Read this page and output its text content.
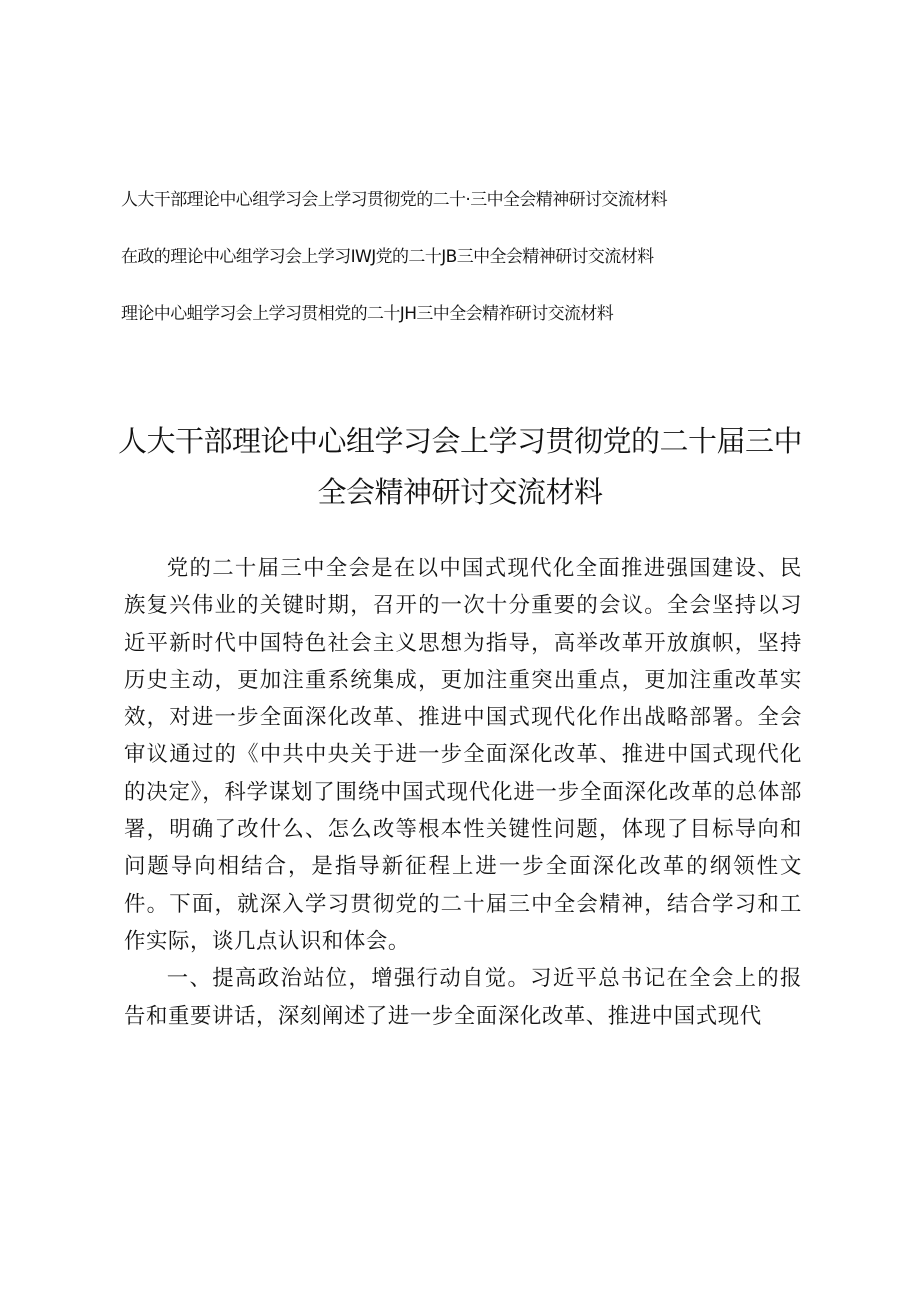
人大干部理论中心组学习会上学习贯彻党的二十·三中全会精神研讨交流材料
在政的理论中心组学习会上学习IWJ党的二十JB三中全会精神研讨交流材料
理论中心蛆学习会上学习贯相党的二十JH三中全会精祚研讨交流材料
人大干部理论中心组学习会上学习贯彻党的二十届三中
全会精神研讨交流材料

党的二十届三中全会是在以中国式现代化全面推进强国建设、民族复兴伟业的关键时期，召开的一次十分重要的会议。全会坚持以习近平新时代中国特色社会主义思想为指导，高举改革开放旗帜，坚持历史主动，更加注重系统集成，更加注重突出重点，更加注重改革实效，对进一步全面深化改革、推进中国式现代化作出战略部署。全会审议通过的《中共中央关于进一步全面深化改革、推进中国式现代化的决定》，科学谋划了围绕中国式现代化进一步全面深化改革的总体部署，明确了改什么、怎么改等根本性关键性问题，体现了目标导向和问题导向相结合，是指导新征程上进一步全面深化改革的纲领性文件。下面，就深入学习贯彻党的二十届三中全会精神，结合学习和工作实际，谈几点认识和体会。

一、提高政治站位，增强行动自觉。习近平总书记在全会上的报告和重要讲话，深刻阐述了进一步全面深化改革、推进中国式现代
